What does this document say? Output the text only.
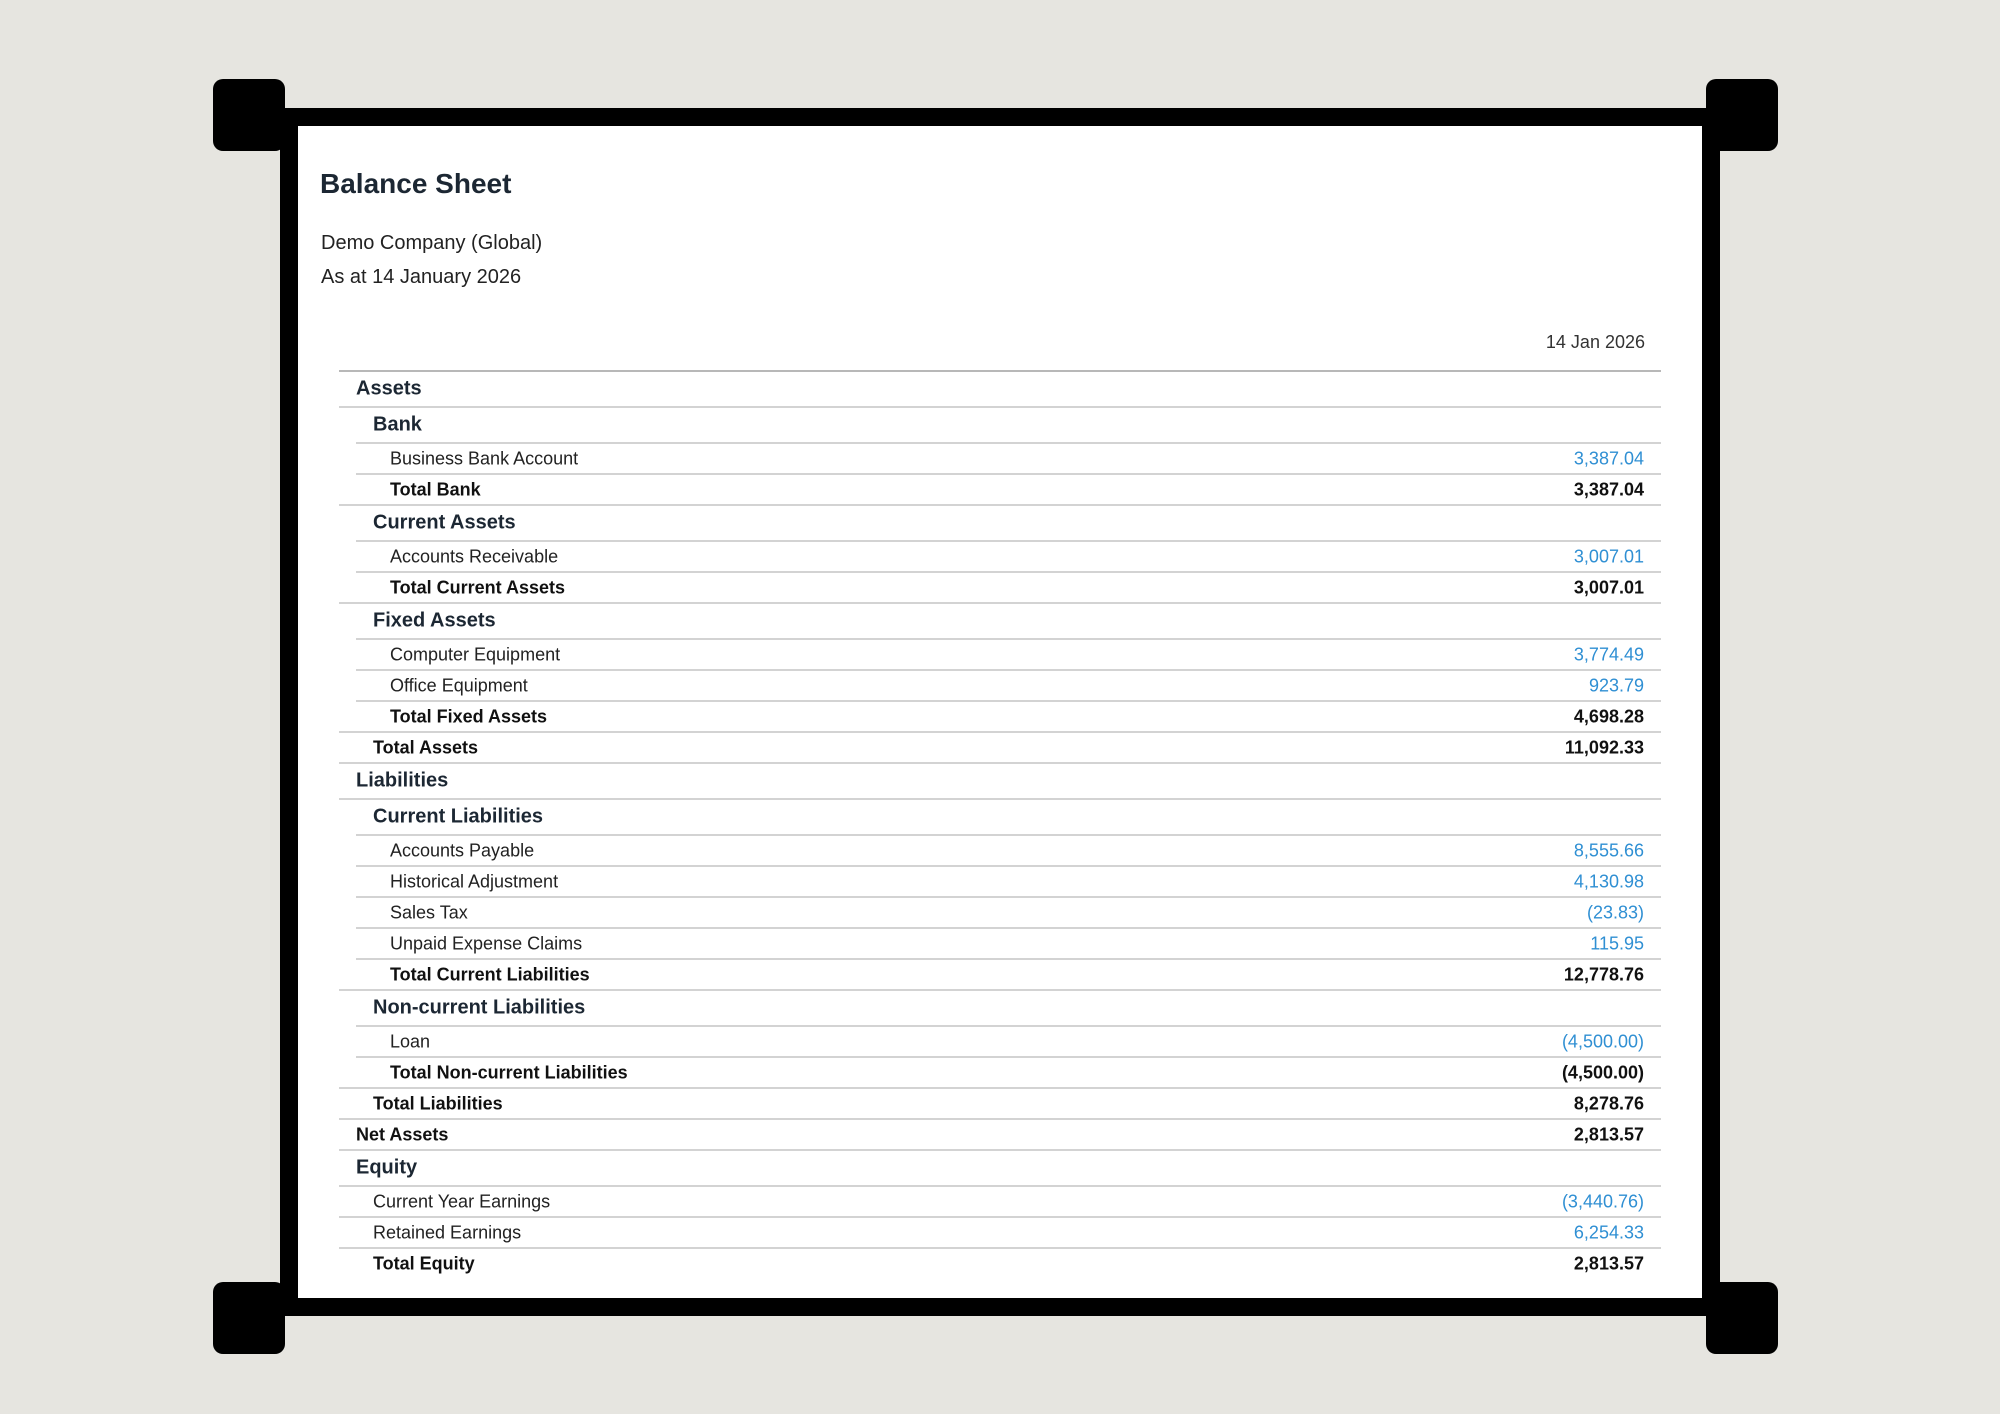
Balance Sheet
Demo Company (Global)
As at 14 January 2026
14 Jan 2026
Assets
Bank
Business Bank Account	3,387.04
Total Bank	3,387.04
Current Assets
Accounts Receivable	3,007.01
Total Current Assets	3,007.01
Fixed Assets
Computer Equipment	3,774.49
Office Equipment	923.79
Total Fixed Assets	4,698.28
Total Assets	11,092.33
Liabilities
Current Liabilities
Accounts Payable	8,555.66
Historical Adjustment	4,130.98
Sales Tax	(23.83)
Unpaid Expense Claims	115.95
Total Current Liabilities	12,778.76
Non-current Liabilities
Loan	(4,500.00)
Total Non-current Liabilities	(4,500.00)
Total Liabilities	8,278.76
Net Assets	2,813.57
Equity
Current Year Earnings	(3,440.76)
Retained Earnings	6,254.33
Total Equity	2,813.57
